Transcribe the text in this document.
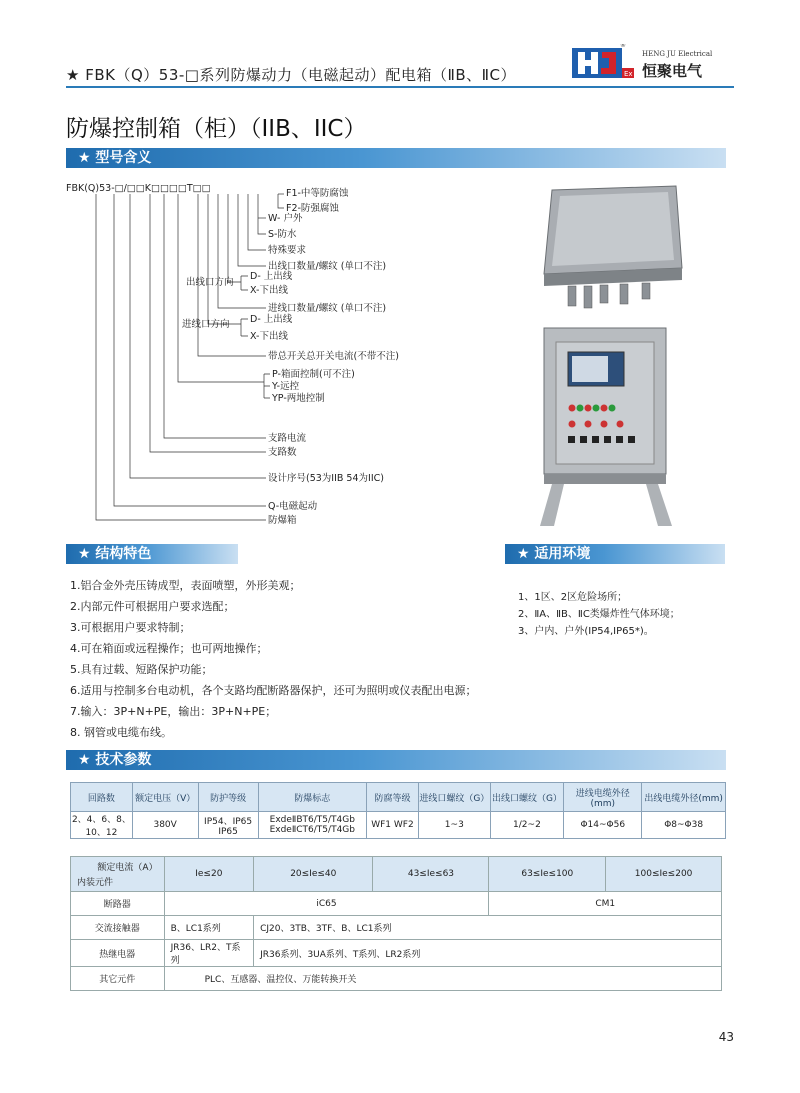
★ FBK（Q）53-□系列防爆动力（电磁起动）配电箱（ⅡB、ⅡC）	Ex
®
HENG JU Electrical
恒聚电气
防爆控制箱（柜）（IIB、IIC）
★ 型号含义
FBK(Q)53-□/□□K□□□□T□□	F1-中等防腐蚀
F2-防强腐蚀
W- 户外
S-防水
特殊要求
出线口数量/螺纹 (单口不注)
出线口方向
D- 上出线
X-下出线
进线口数量/螺纹 (单口不注)
进线口方向 D- 上出线
X-下出线
带总开关总开关电流(不带不注)
P-箱面控制(可不注)
Y-远控
YP-两地控制
支路电流
支路数
设计序号(53为IIB 54为IIC)
Q-电磁起动
防爆箱
★ 结构特色
1.铝合金外壳压铸成型，表面喷塑，外形美观；
2.内部元件可根据用户要求选配；
3.可根据用户要求特制；
4.可在箱面或远程操作；也可两地操作；
5.具有过载、短路保护功能；
6.适用与控制多台电动机，各个支路均配断路器保护，还可为照明或仪表配出电源；
7.输入：3P+N+PE，输出：3P+N+PE；
8. 钢管或电缆布线。
★ 适用环境
1、1区、2区危险场所；
2、ⅡA、ⅡB、ⅡC类爆炸性气体环境；
3、户内、户外(IP54,IP65*)。
★ 技术参数
回路数	额定电压（V）	防护等级	防爆标志	防腐等级	进线口螺纹（G）	出线口螺纹（G）	进线电缆外径(mm)	出线电缆外径(mm)
2、4、6、8、10、12	380V	IP54、IP65 IP65	ExdeⅡBT6/T5/T4Gb ExdeⅡCT6/T5/T4Gb	WF1 WF2	1~3	1/2~2	Φ14~Φ56	Φ8~Φ38
额定电流（A）
内装元件	Ie≤20	20≤Ie≤40	43≤Ie≤63	63≤Ie≤100	100≤Ie≤200
断路器	iC65			CM1	
交流接触器	B、LC1系列	CJ20、3TB、3TF、B、LC1系列			
热继电器	JR36、LR2、T系列	JR36系列、3UA系列、T系列、LR2系列			
其它元件	PLC、互感器、温控仪、万能转换开关				
43
